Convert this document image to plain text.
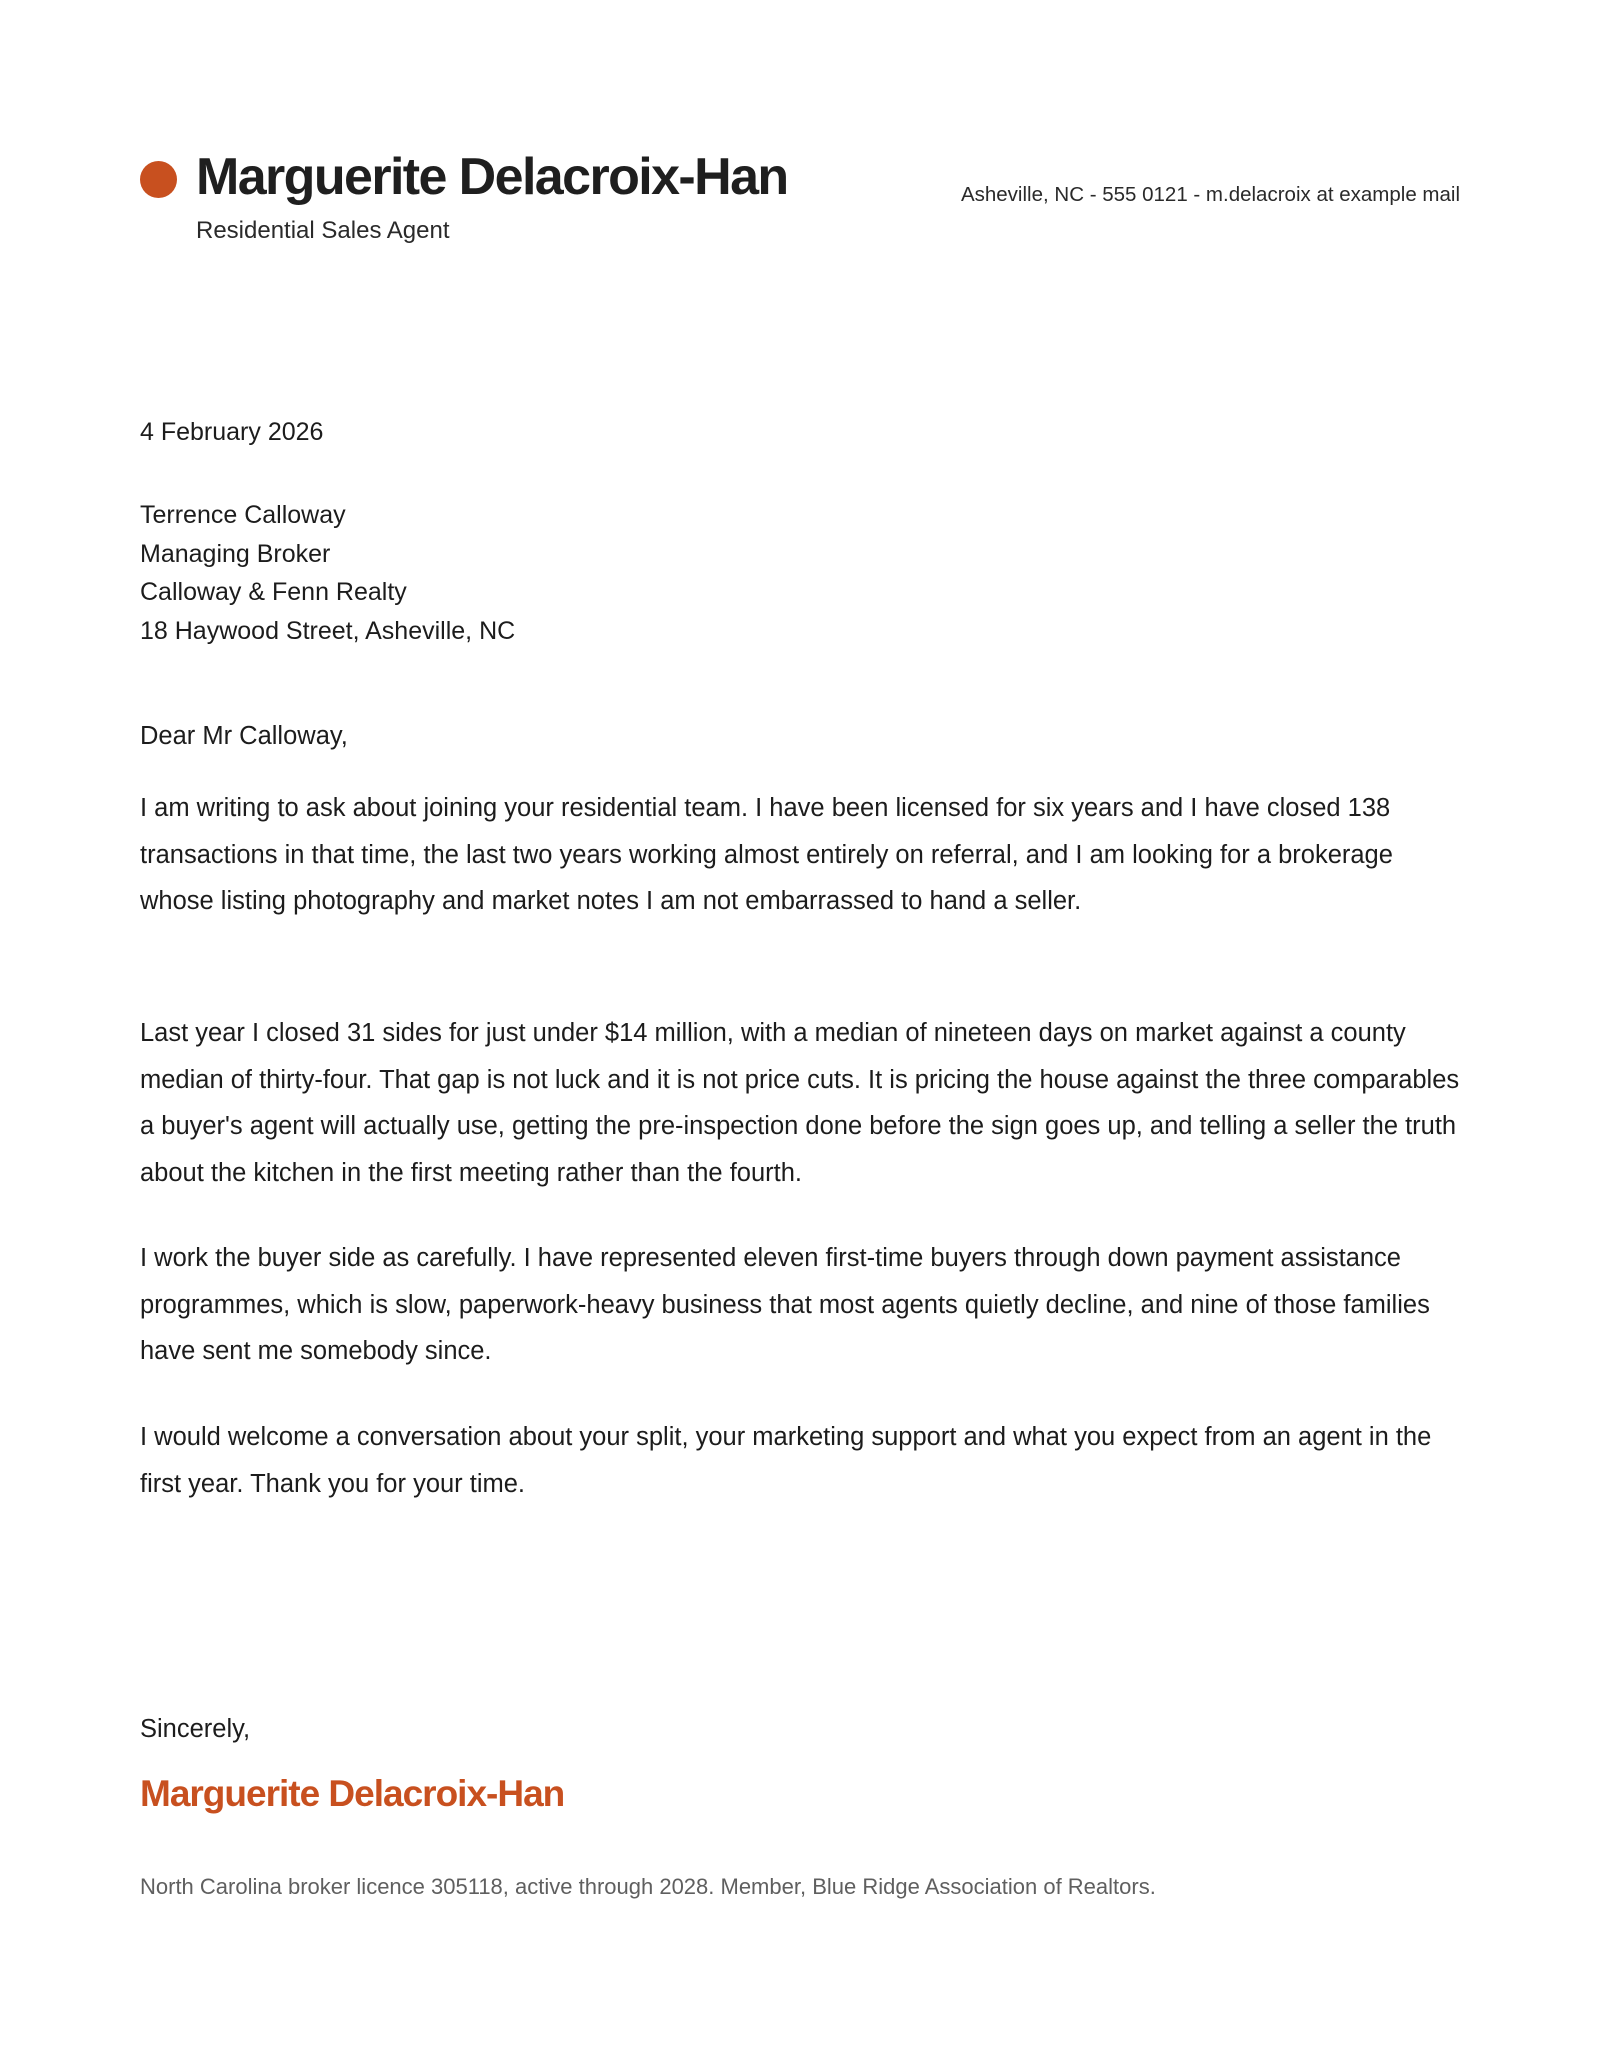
Marguerite Delacroix-Han
Residential Sales Agent
Asheville, NC - 555 0121 - m.delacroix at example mail
4 February 2026
Terrence Calloway
Managing Broker
Calloway & Fenn Realty
18 Haywood Street, Asheville, NC
Dear Mr Calloway,

I am writing to ask about joining your residential team. I have been licensed for six years and I have closed 138 transactions in that time, the last two years working almost entirely on referral, and I am looking for a brokerage whose listing photography and market notes I am not embarrassed to hand a seller.

Last year I closed 31 sides for just under $14 million, with a median of nineteen days on market against a county median of thirty-four. That gap is not luck and it is not price cuts. It is pricing the house against the three comparables a buyer's agent will actually use, getting the pre-inspection done before the sign goes up, and telling a seller the truth about the kitchen in the first meeting rather than the fourth.

I work the buyer side as carefully. I have represented eleven first-time buyers through down payment assistance programmes, which is slow, paperwork-heavy business that most agents quietly decline, and nine of those families have sent me somebody since.

I would welcome a conversation about your split, your marketing support and what you expect from an agent in the first year. Thank you for your time.

Sincerely,
Marguerite Delacroix-Han
North Carolina broker licence 305118, active through 2028. Member, Blue Ridge Association of Realtors.
